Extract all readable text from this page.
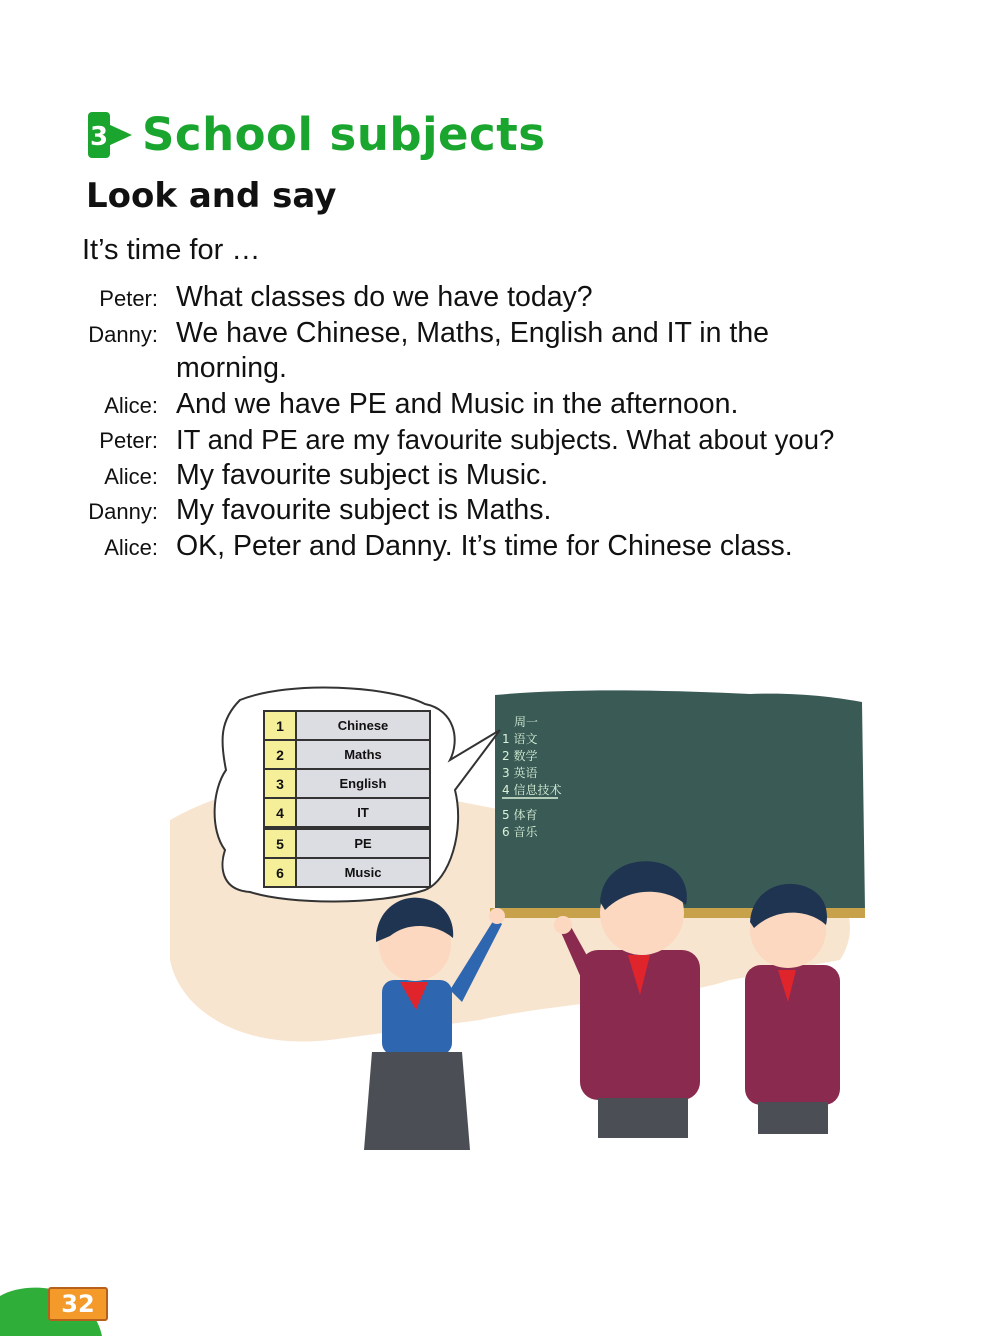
3 School subjects
Look and say
It’s time for …
Peter: What classes do we have today?
Danny: We have Chinese, Maths, English and IT in the morning.
Alice: And we have PE and Music in the afternoon.
Peter: IT and PE are my favourite subjects. What about you?
Alice: My favourite subject is Music.
Danny: My favourite subject is Maths.
Alice: OK, Peter and Danny. It’s time for Chinese class.
1	Chinese
2	Maths
3	English
4	IT
5	PE
6	Music
周一
1 语文
2 数学
3 英语
4 信息技术
5 体育
6 音乐
32
